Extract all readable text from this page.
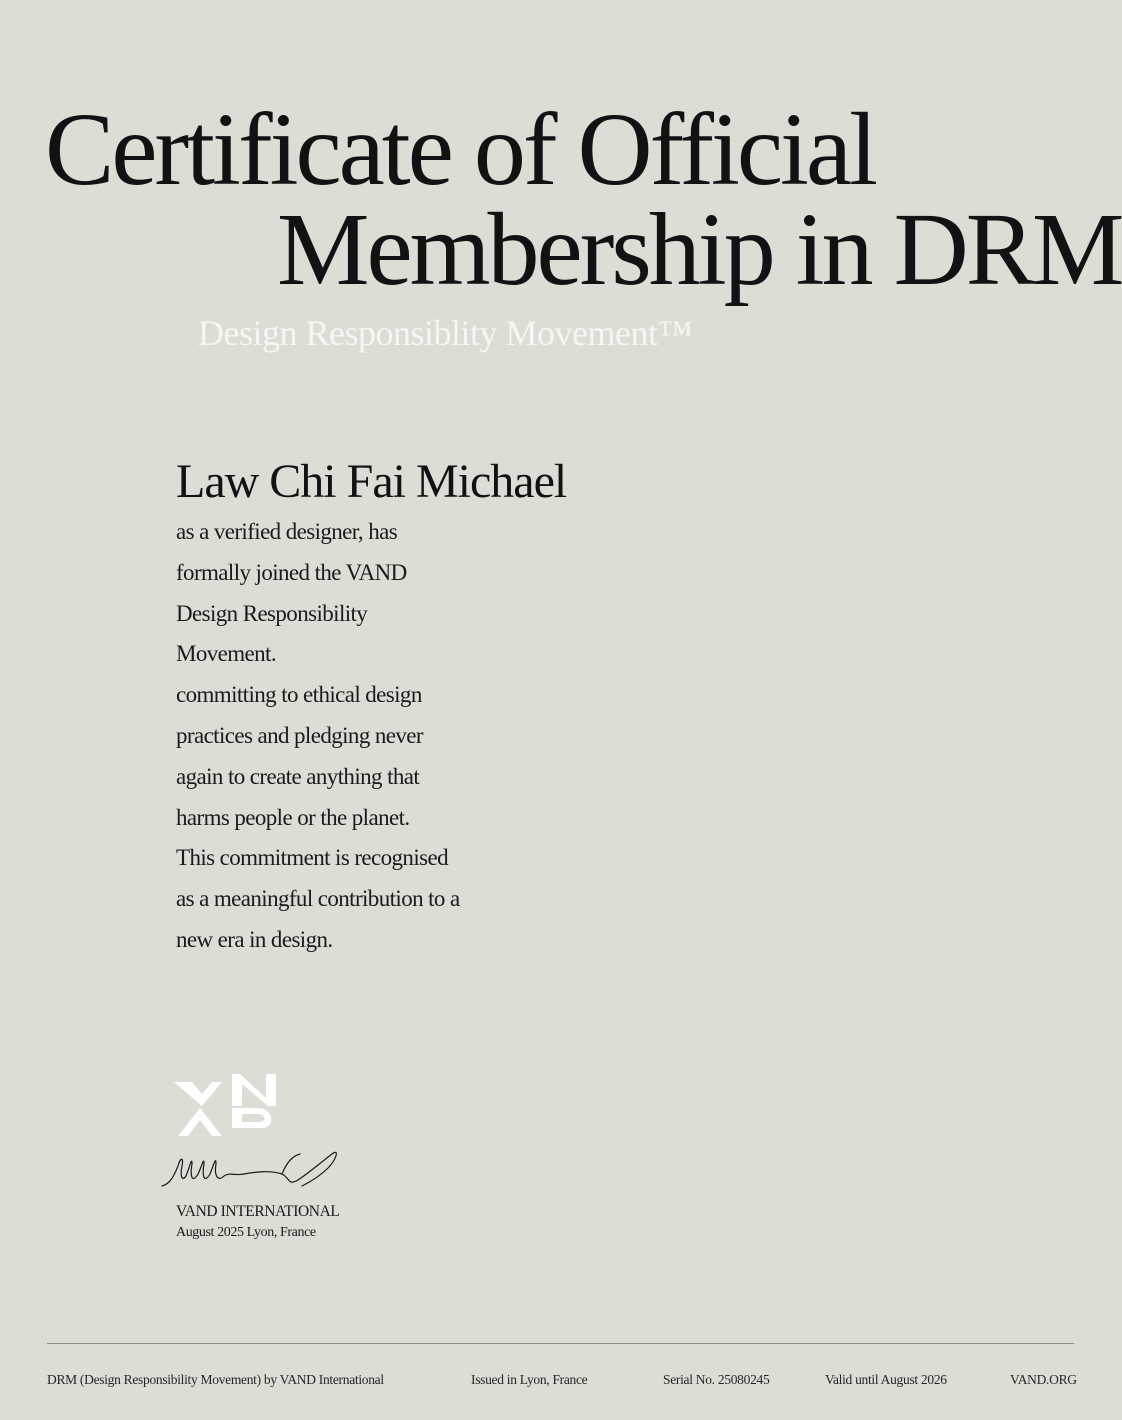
Certificate of Official
Membership in DRM
Design Responsiblity Movement™
Law Chi Fai Michael

as a verified designer, has formally joined the VAND Design Responsibility Movement.

committing to ethical design practices and pledging never again to create anything that harms people or the planet.

This commitment is recognised as a meaningful contribution to a new era in design.

VAND INTERNATIONAL
August 2025 Lyon, France
DRM (Design Responsibility Movement) by VAND International	Issued in Lyon, France	Serial No. 25080245	Valid until August 2026	VAND.ORG
